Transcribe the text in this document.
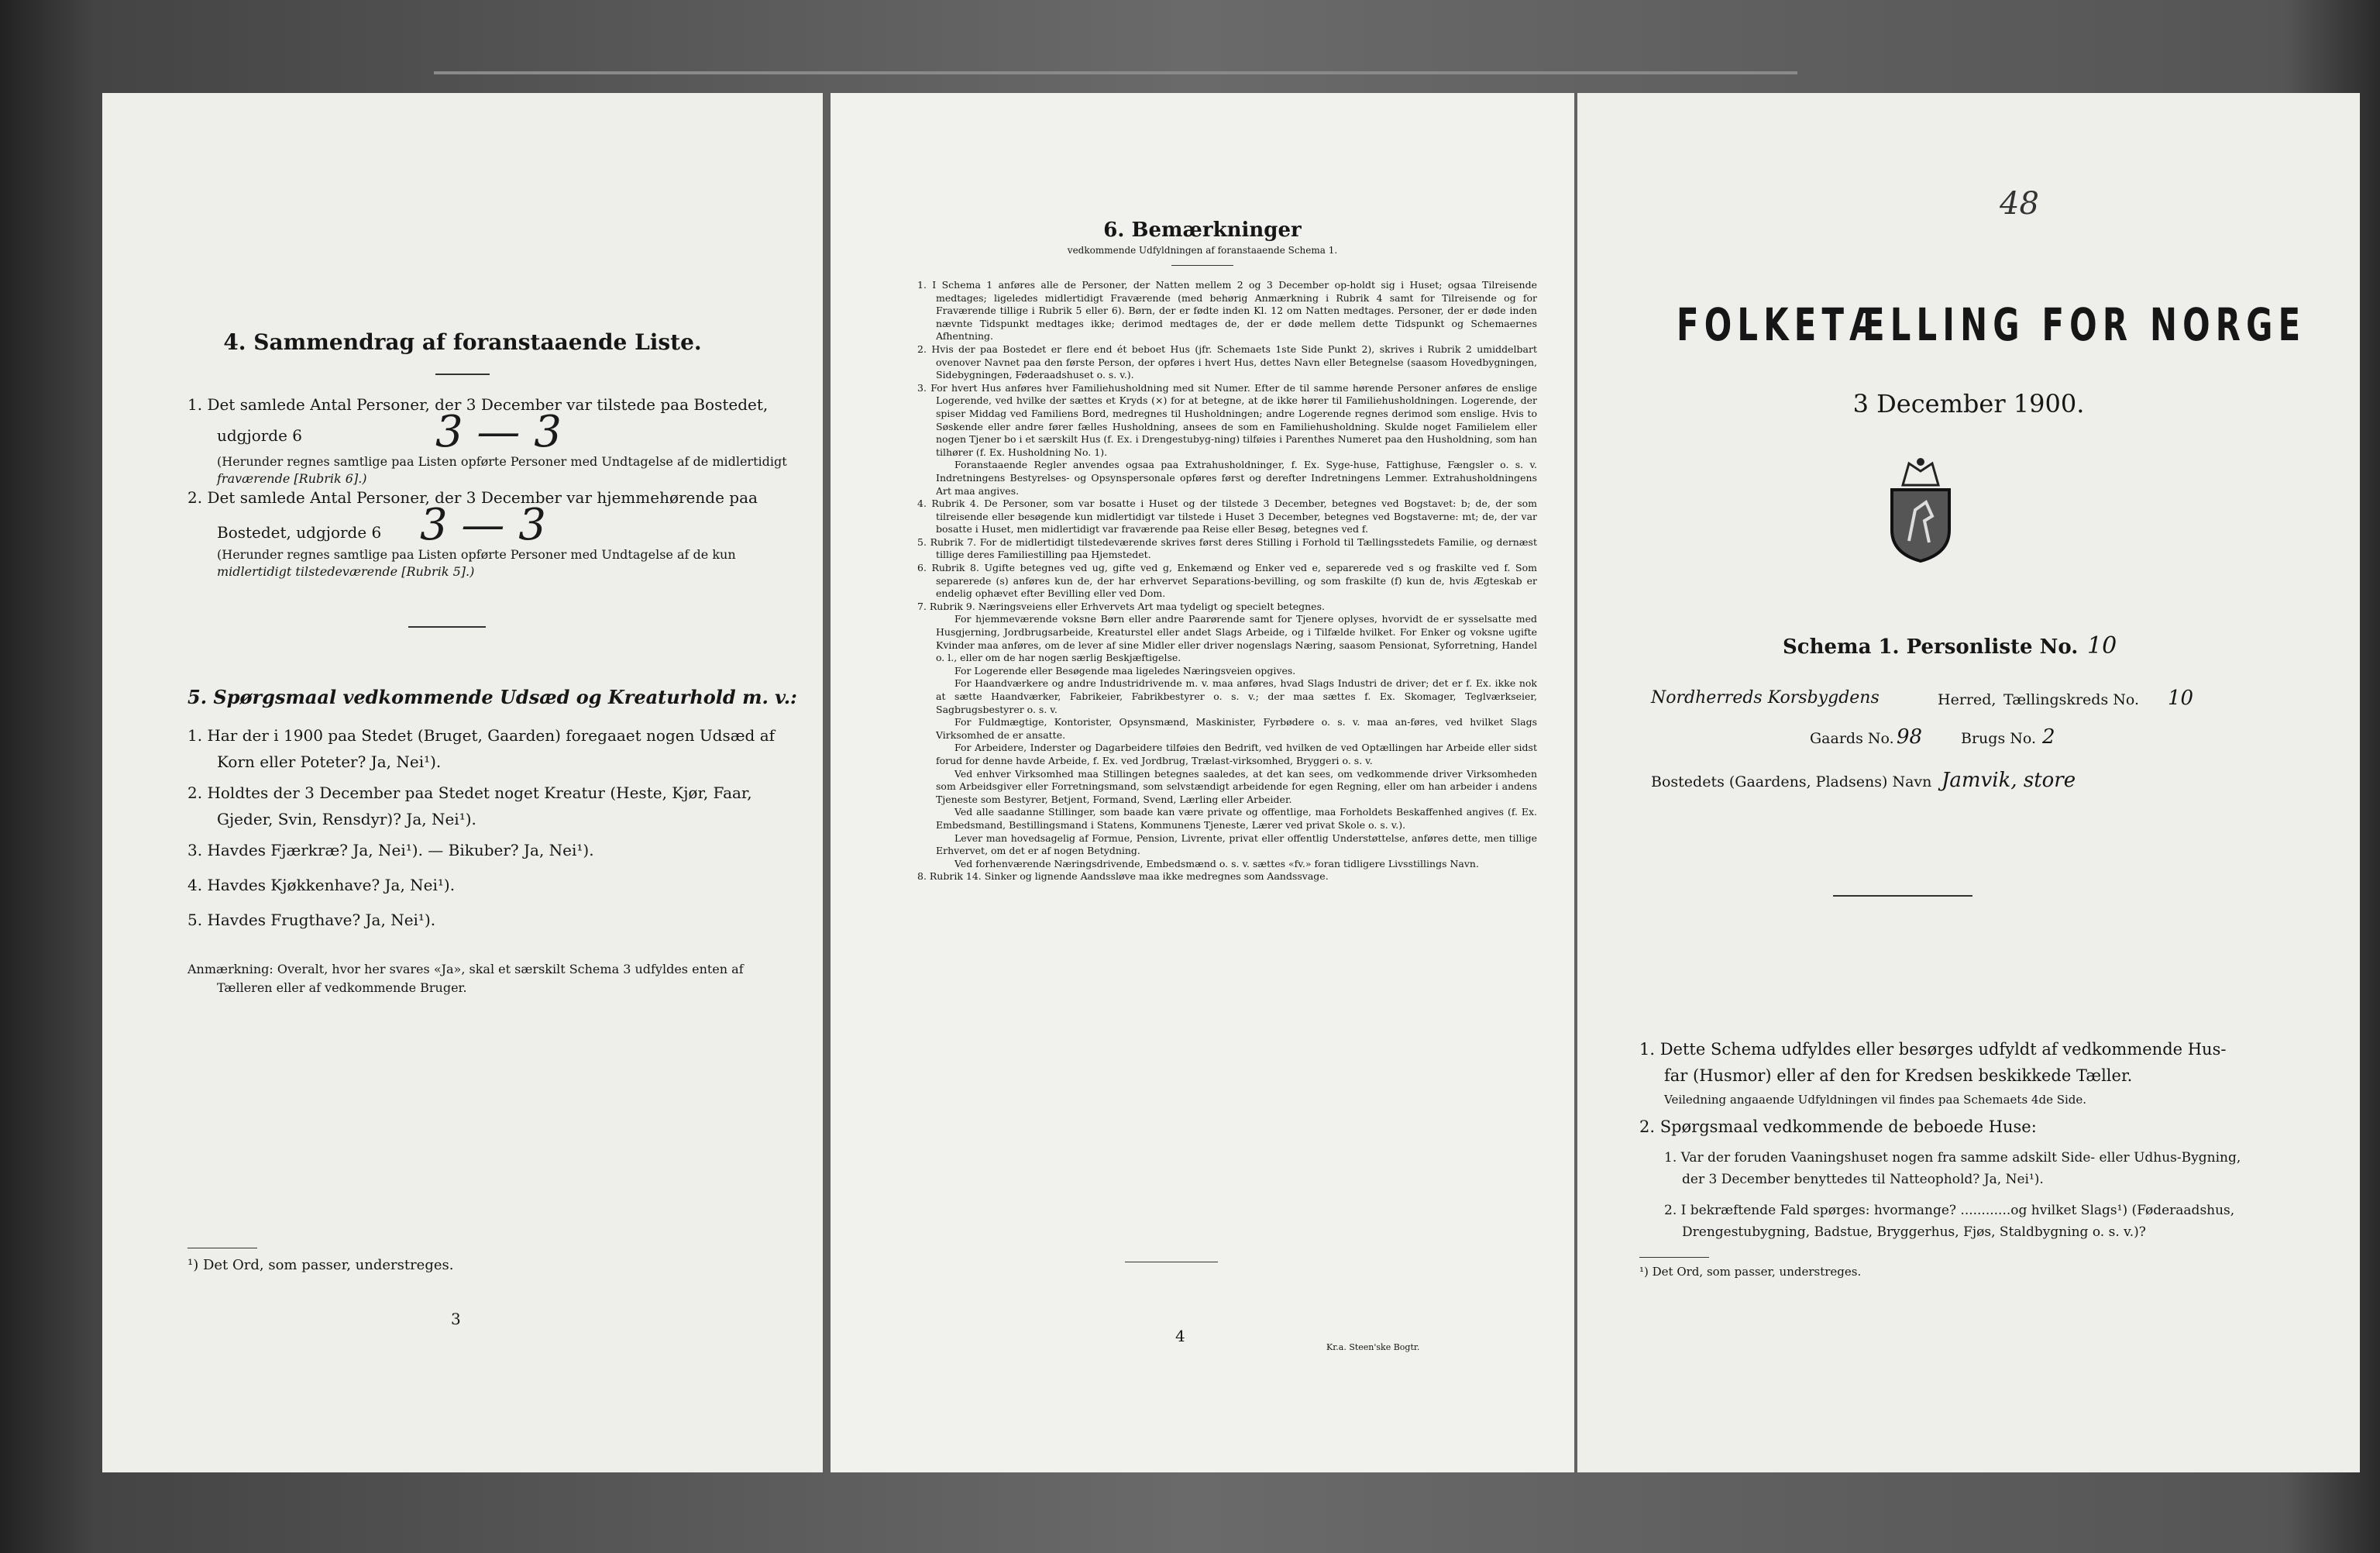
4. Sammendrag af foranstaaende Liste.
1. Det samlede Antal Personer, der 3 December var tilstede paa Bostedet,
udgjorde 6	3 — 3
(Herunder regnes samtlige paa Listen opførte Personer med Undtagelse af de midlertidigt
fraværende [Rubrik 6].)
2. Det samlede Antal Personer, der 3 December var hjemmehørende paa
Bostedet, udgjorde 6 3 — 3
(Herunder regnes samtlige paa Listen opførte Personer med Undtagelse af de kun
midlertidigt tilstedeværende [Rubrik 5].)
5. Spørgsmaal vedkommende Udsæd og Kreaturhold m. v.:
1. Har der i 1900 paa Stedet (Bruget, Gaarden) foregaaet nogen Udsæd af
Korn eller Poteter? Ja, Nei¹).
2. Holdtes der 3 December paa Stedet noget Kreatur (Heste, Kjør, Faar,
Gjeder, Svin, Rensdyr)? Ja, Nei¹).
3. Havdes Fjærkræ? Ja, Nei¹). — Bikuber? Ja, Nei¹).
4. Havdes Kjøkkenhave? Ja, Nei¹).
5. Havdes Frugthave? Ja, Nei¹).
Anmærkning: Overalt, hvor her svares «Ja», skal et særskilt Schema 3 udfyldes enten af
Tælleren eller af vedkommende Bruger.
¹) Det Ord, som passer, understreges.
3
6. Bemærkninger
vedkommende Udfyldningen af foranstaaende Schema 1.

1. I Schema 1 anføres alle de Personer, der Natten mellem 2 og 3 December op-holdt sig i Huset; ogsaa Tilreisende medtages; ligeledes midlertidigt Fraværende (med behørig Anmærkning i Rubrik 4 samt for Tilreisende og for Fraværende tillige i Rubrik 5 eller 6). Børn, der er fødte inden Kl. 12 om Natten medtages. Personer, der er døde inden nævnte Tidspunkt medtages ikke; derimod medtages de, der er døde mellem dette Tidspunkt og Schemaernes Afhentning.

2. Hvis der paa Bostedet er flere end ét beboet Hus (jfr. Schemaets 1ste Side Punkt 2), skrives i Rubrik 2 umiddelbart ovenover Navnet paa den første Person, der opføres i hvert Hus, dettes Navn eller Betegnelse (saasom Hovedbygningen, Sidebygningen, Føderaadshuset o. s. v.).

3. For hvert Hus anføres hver Familiehusholdning med sit Numer. Efter de til samme hørende Personer anføres de enslige Logerende, ved hvilke der sættes et Kryds (×) for at betegne, at de ikke hører til Familiehusholdningen. Logerende, der spiser Middag ved Familiens Bord, medregnes til Husholdningen; andre Logerende regnes derimod som enslige. Hvis to Søskende eller andre fører fælles Husholdning, ansees de som en Familiehusholdning. Skulde noget Familielem eller nogen Tjener bo i et særskilt Hus (f. Ex. i Drengestubyg-ning) tilføies i Parenthes Numeret paa den Husholdning, som han tilhører (f. Ex. Husholdning No. 1).

Foranstaaende Regler anvendes ogsaa paa Extrahusholdninger, f. Ex. Syge-huse, Fattighuse, Fængsler o. s. v. Indretningens Bestyrelses- og Opsynspersonale opføres først og derefter Indretningens Lemmer. Extrahusholdningens Art maa angives.

4. Rubrik 4. De Personer, som var bosatte i Huset og der tilstede 3 December, betegnes ved Bogstavet: b; de, der som tilreisende eller besøgende kun midlertidigt var tilstede i Huset 3 December, betegnes ved Bogstaverne: mt; de, der var bosatte i Huset, men midlertidigt var fraværende paa Reise eller Besøg, betegnes ved f.

5. Rubrik 7. For de midlertidigt tilstedeværende skrives først deres Stilling i Forhold til Tællingsstedets Familie, og dernæst tillige deres Familiestilling paa Hjemstedet.

6. Rubrik 8. Ugifte betegnes ved ug, gifte ved g, Enkemænd og Enker ved e, separerede ved s og fraskilte ved f. Som separerede (s) anføres kun de, der har erhvervet Separations-bevilling, og som fraskilte (f) kun de, hvis Ægteskab er endelig ophævet efter Bevilling eller ved Dom.

7. Rubrik 9. Næringsveiens eller Erhvervets Art maa tydeligt og specielt betegnes.

For hjemmeværende voksne Børn eller andre Paarørende samt for Tjenere oplyses, hvorvidt de er sysselsatte med Husgjerning, Jordbrugsarbeide, Kreaturstel eller andet Slags Arbeide, og i Tilfælde hvilket. For Enker og voksne ugifte Kvinder maa anføres, om de lever af sine Midler eller driver nogenslags Næring, saasom Pensionat, Syforretning, Handel o. l., eller om de har nogen særlig Beskjæftigelse.

For Logerende eller Besøgende maa ligeledes Næringsveien opgives.

For Haandværkere og andre Industridrivende m. v. maa anføres, hvad Slags Industri de driver; det er f. Ex. ikke nok at sætte Haandværker, Fabrikeier, Fabrikbestyrer o. s. v.; der maa sættes f. Ex. Skomager, Teglværkseier, Sagbrugsbestyrer o. s. v.

For Fuldmægtige, Kontorister, Opsynsmænd, Maskinister, Fyrbødere o. s. v. maa an-føres, ved hvilket Slags Virksomhed de er ansatte.

For Arbeidere, Inderster og Dagarbeidere tilføies den Bedrift, ved hvilken de ved Optællingen har Arbeide eller sidst forud for denne havde Arbeide, f. Ex. ved Jordbrug, Trælast-virksomhed, Bryggeri o. s. v.

Ved enhver Virksomhed maa Stillingen betegnes saaledes, at det kan sees, om vedkommende driver Virksomheden som Arbeidsgiver eller Forretningsmand, som selvstændigt arbeidende for egen Regning, eller om han arbeider i andens Tjeneste som Bestyrer, Betjent, Formand, Svend, Lærling eller Arbeider.

Ved alle saadanne Stillinger, som baade kan være private og offentlige, maa Forholdets Beskaffenhed angives (f. Ex. Embedsmand, Bestillingsmand i Statens, Kommunens Tjeneste, Lærer ved privat Skole o. s. v.).

Lever man hovedsagelig af Formue, Pension, Livrente, privat eller offentlig Understøttelse, anføres dette, men tillige Erhvervet, om det er af nogen Betydning.

Ved forhenværende Næringsdrivende, Embedsmænd o. s. v. sættes «fv.» foran tidligere Livsstillings Navn.

8. Rubrik 14. Sinker og lignende Aandssløve maa ikke medregnes som Aandssvage.

4
Kr.a. Steen'ske Bogtr.
48
FOLKETÆLLING FOR NORGE
3 December 1900.
Schema 1. Personliste No. 10
Nordherreds Korsbygdens	Herred, Tællingskreds No. 10
Gaards No. 98	Brugs No. 2
Bostedets (Gaardens, Pladsens) Navn Jamvik, store
1. Dette Schema udfyldes eller besørges udfyldt af vedkommende Hus-
far (Husmor) eller af den for Kredsen beskikkede Tæller.
Veiledning angaaende Udfyldningen vil findes paa Schemaets 4de Side.
2. Spørgsmaal vedkommende de beboede Huse:
1. Var der foruden Vaaningshuset nogen fra samme adskilt Side- eller Udhus-Bygning,
der 3 December benyttedes til Natteophold? Ja, Nei¹).
2. I bekræftende Fald spørges: hvormange? ............og hvilket Slags¹) (Føderaadshus,
Drengestubygning, Badstue, Bryggerhus, Fjøs, Staldbygning o. s. v.)?
¹) Det Ord, som passer, understreges.
